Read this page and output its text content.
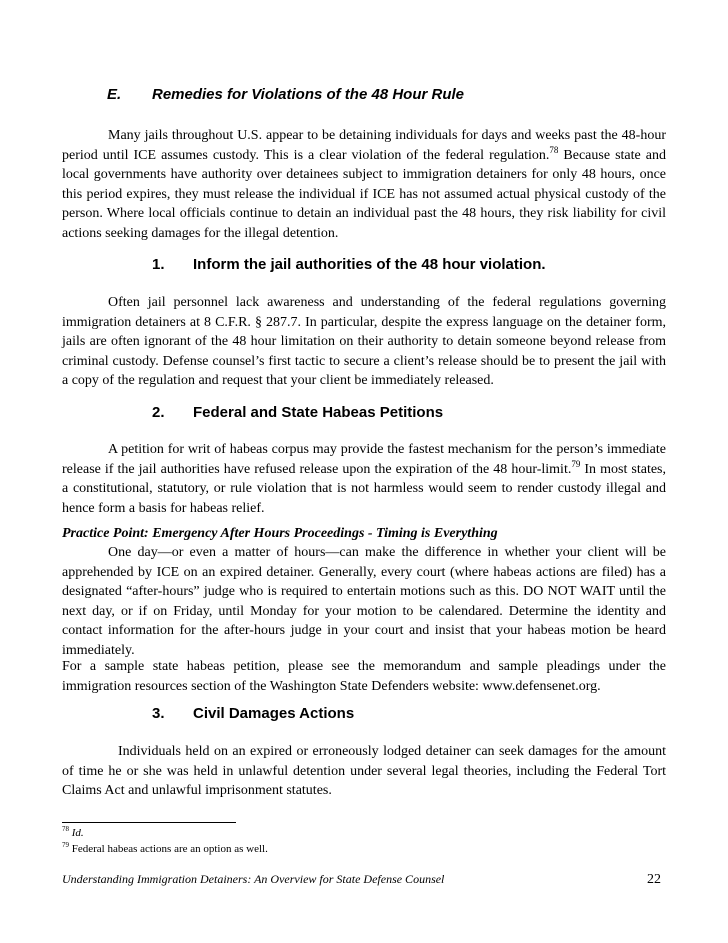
E. Remedies for Violations of the 48 Hour Rule
Many jails throughout U.S. appear to be detaining individuals for days and weeks past the 48-hour period until ICE assumes custody. This is a clear violation of the federal regulation.$^{78}$ Because state and local governments have authority over detainees subject to immigration detainers for only 48 hours, once this period expires, they must release the individual if ICE has not assumed actual physical custody of the person. Where local officials continue to detain an individual past the 48 hours, they risk liability for civil actions seeking damages for the illegal detention.
1. Inform the jail authorities of the 48 hour violation.
Often jail personnel lack awareness and understanding of the federal regulations governing immigration detainers at 8 C.F.R. § 287.7. In particular, despite the express language on the detainer form, jails are often ignorant of the 48 hour limitation on their authority to detain someone beyond release from criminal custody. Defense counsel’s first tactic to secure a client’s release should be to present the jail with a copy of the regulation and request that your client be immediately released.
2. Federal and State Habeas Petitions
A petition for writ of habeas corpus may provide the fastest mechanism for the person’s immediate release if the jail authorities have refused release upon the expiration of the 48 hour-limit.$^{79}$ In most states, a constitutional, statutory, or rule violation that is not harmless would seem to render custody illegal and hence form a basis for habeas relief.
Practice Point: Emergency After Hours Proceedings - Timing is Everything
One day—or even a matter of hours—can make the difference in whether your client will be apprehended by ICE on an expired detainer. Generally, every court (where habeas actions are filed) has a designated “after-hours” judge who is required to entertain motions such as this. DO NOT WAIT until the next day, or if on Friday, until Monday for your motion to be calendared. Determine the identity and contact information for the after-hours judge in your court and insist that your habeas motion be heard immediately.
For a sample state habeas petition, please see the memorandum and sample pleadings under the immigration resources section of the Washington State Defenders website: www.defensenet.org.
3. Civil Damages Actions
Individuals held on an expired or erroneously lodged detainer can seek damages for the amount of time he or she was held in unlawful detention under several legal theories, including the Federal Tort Claims Act and unlawful imprisonment statutes.
$^{78}$ Id.
$^{79}$ Federal habeas actions are an option as well.
Understanding Immigration Detainers: An Overview for State Defense Counsel	22
